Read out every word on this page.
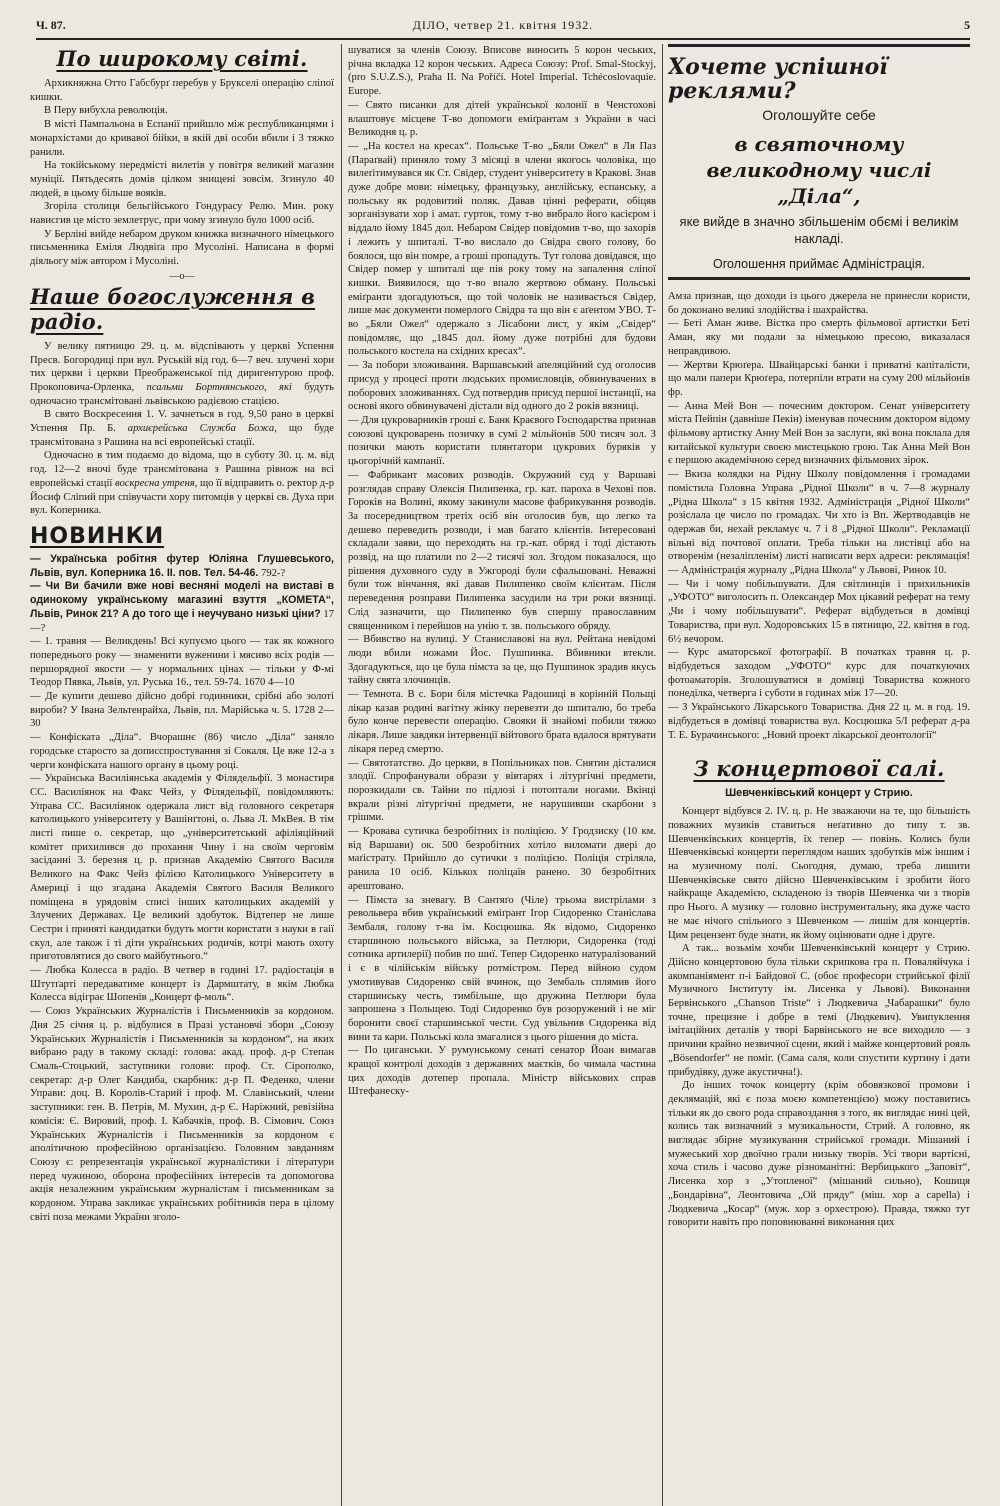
Ч. 87.	ДІЛО, четвер 21. квітня 1932.	5
По широкому світі.

Архикняжна Отто Габсбурґ перебув у Брукселі операцію сліпої кишки.

В Перу вибухла революція.

В місті Пампальона в Еспанії прийшло між республиканцями і монархістами до кривавої бійки, в якій дві особи вбили і 3 тяжко ранили.

На токійському передмісті вилетів у повітря великий магазин муніції. Пятьдесять домів цілком знищені зовсім. Згинуло 40 людей, в цьому більше вояків.

Згоріла столиця бельгійського Гондурасу Релю. Мин. року нависгив це місто землетрус, при чому згинуло було 1000 осіб.

У Берліні вийде небаром друком книжка визначного німецького письменника Еміля Людвіґа про Мусоліні. Написана в формі діяльогу між автором і Мусоліні.

—о—
Наше богослуження в радіо.

У велику пятницю 29. ц. м. відспівають у церкві Успення Пресв. Богородиці при вул. Руській від год. 6—7 веч. злучені хори тих церкви і церкви Преображенської під диригентурою проф. Прокоповича-Орленка, псальми Бортнянського, які будуть одночасно трансмітовані львівською радієвою стацією.

В свято Воскресення 1. V. зачнеться в год. 9,50 рано в церкві Успення Пр. Б. архиєрейська Служба Божа, що буде трансмітована з Рашина на всі европейські стації.

Одночасно в тим подаємо до відома, що в суботу 30. ц. м. від год. 12—2 вночі буде трансмітована з Рашина рівнож на всі европейські стації воскресна утреня, що її відправить о. ректор д-р Йосиф Сліпий при співучасти хору питомців у церкві св. Духа при вул. Коперника.

НОВИНКИ

— Українська робітня футер Юліяна Глушевського, Львів, вул. Коперника 16. II. пов. Тел. 54-46. 792-?

— Чи Ви бачили вже нові весняні моделі на виставі в одинокому українському магазині взуття „КОМЕТА“, Львів, Ринок 21? А до того ще і неучувано низькі ціни? 17—?

— 1. травня — Великдень! Всі купуємо цього — так як кожного попереднього року — знаменити вуженини і мясиво всіх родів — першорядної якости — у нормальних цінах — тільки у Ф-мі Теодор Пявка, Львів, ул. Руська 16., тел. 59-74. 1670 4—10

— Де купити дешево дійсно добрі годинники, срібні або золоті вироби? У Івана Зельтенрайха, Львів, пл. Марійська ч. 5. 1728 2—30

— Конфіската „Діла“. Вчорашнє (86) число „Діла“ заняло городське старосто за дописспростування зі Сокаля. Це вже 12-а з черги конфіската нашого органу в цьому році.

— Українська Василіянська академія у Філядельфії. 3 монастиря СС. Василіянок на Факс Чейз, у Філядельфії, повідомляють: Управа СС. Василіянок одержала лист від головного секретаря католицького університету у Вашінґтоні, о. Льва Л. МкВея. В тім листі пише о. секретар, що „університетський афіліяційний комітет прихилився до прохання Чину і на своїм черговім засіданні 3. березня ц. р. признав Академію Святого Василя Великого на Факс Чейз філією Католицького Університету в Америці і що згадана Академія Святого Василя Великого поміщена в урядовім списі інших католицьких академій у Злучених Державах. Це великий здобуток. Відтепер не лише Сестри і приняті кандидатки будуть могти користати з науки в гаії скул, але також і ті діти українських родичів, котрі мають охоту приготовлятися до свого майбутнього.“

— Любка Колесса в радіо. В четвер в годині 17. радіостація в Штутґарті передаватиме концерт із Дармштату, в якім Любка Колесса відіграє Шопенів „Концерт ф-моль“.

— Союз Українських Журналістів і Письменників за кордоном. Дня 25 січня ц. р. відбулися в Празі установчі збори „Союзу Українських Журналістів і Письменників за кордоном“, на яких вибрано раду в такому складі: голова: акад. проф. д-р Степан Смаль-Стоцький, заступники голови: проф. Ст. Сірополко, секретар: д-р Олег Кандиба, скарбник: д-р П. Феденко, члени Управи: доц. В. Королів-Старий і проф. М. Славінський, члени заступники: ген. В. Петрів, М. Мухин, д-р Є. Наріжний, ревізійна комісія: Є. Вировий, проф. І. Кабачків, проф. В. Сімович. Союз Українських Журналістів і Письменників за кордоном є аполітичною професійною організацією. Головним завданням Союзу є: репрезентація української журналістики і літератури перед чужиною, оборона професійних інтересів та допомогова акція незалежним українським журналістам і письменникам за кордоном. Управа закликає українських робітників пера в цілому світі поза межами України зголо-

шуватися за членів Союзу. Вписове виносить 5 корон чеських, річна вкладка 12 корон чеських. Адреса Союзу: Prof. Smal-Stockyj, (pro S.U.Z.S.), Praha II. Na Poříčí. Hotel Imperial. Tchécoslovaquie. Europe.

— Свято писанки для дітей української колонії в Ченстохові влаштовує місцеве Т-во допомоги еміґрантам з України в часі Великодня ц. р.

— „На костел на кресах“. Польське Т-во „Бяли Ожел“ в Ля Паз (Параґвай) приняло тому 3 місяці в члени якогось чоловіка, що вилеґітимувався як Ст. Свідер, студент університету в Кракові. Знав дуже добре мови: німецьку, французьку, англійську, еспанську, а польську як родовитий поляк. Давав цінні реферати, обіцяв зорганізувати хор і амат. гурток, тому т-во вибрало його касієром і віддало йому 1845 дол. Небаром Свідер повідомив т-во, що захорів і лежить у шпиталі. Т-во вислало до Свідра свого голову, бо боялося, що він помре, а гроші пропадуть. Тут голова довідався, що Свідер помер у шпиталі ще пів року тому на запалення сліпої кишки. Виявилося, що т-во впало жертвою обману. Польські еміґранти здогадуються, що той чоловік не називається Свідер, лише має документи померлого Свідра та що він є аґентом УВО. Т-во „Бяли Ожел“ одержало з Лісабони лист, у якім „Свідер“ повідомляє, що „1845 дол. йому дуже потрібні для будови польського костела на східних кресах“.

— За побори зложивання. Варшавський апеляційний суд оголосив присуд у процесі проти людських промисловців, обвинувачених в поборових зложиваннях. Суд потвердив присуд першої інстанції, на основі якого обвинувачені дістали від одного до 2 років вязниці.

— Для цукроварників гроші є. Банк Краєвого Господарства признав союзові цукроварень позичку в сумі 2 мільйонів 500 тисяч зол. З позички мають користати плянтатори цукрових буряків у цьогорічній кампанії.

— Фабрикант масових розводів. Окружний суд у Варшаві розглядав справу Олексія Пилипенка, гр. кат. пароха в Чехові пов. Гороків на Волині, якому закинули масове фабрикування розводів. За посередництвом третіх осіб він оголосив був, що легко та дешево переведить розводи, і мав багато клієнтів. Інтересовані складали заяви, що переходять на гр.-кат. обряд і тоді дістають розвід, на що платили по 2—2 тисячі зол. Згодом показалося, що рішення духовного суду в Ужгороді були сфальшовані. Неважні були тож вінчання, які давав Пилипенко своїм клієнтам. Після переведення розправи Пилипенка засудили на три роки вязниці. Слід зазначити, що Пилипенко був спершу православним священником і перейшов на унію т. зв. польського обряду.

— Вбивство на вулиці. У Станиславові на вул. Рейтана невідомі люди вбили ножами Йос. Пушпинка. Вбивники втекли. Здогадуються, що це була пімста за це, що Пушпинок зрадив якусь тайну свята злочинців.

— Темнота. В с. Бори біля містечка Радошиці в корінній Польщі лікар казав родині вагітну жінку перевезти до шпиталю, бо треба було конче перевести операцію. Свояки й знайомі побили тяжко лікаря. Лише завдяки інтервенції війтового брата вдалося врятувати лікаря перед смертю.

— Святотатство. До церкви, в Попільниках пов. Снятин дісталися злодії. Спрофанували образи у вівтарях і літургічні предмети, порозкидали св. Тайни по підлозі і потоптали ногами. Вкінці вкрали різні літургічні предмети, не нарушивши скарбони з грішми.

— Кровава сутичка безробітних із поліцією. У Гродзиску (10 км. від Варшави) ок. 500 безробітних хотіло виломати двері до маґістрату. Прийшло до сутички з поліцією. Поліція стріляла, ранила 10 осіб. Кількох поліцаїв ранено. 30 безробітних арештовано.

— Пімста за зневагу. В Сантяґо (Чіле) трьома вистрілами з револьвера вбив український еміґрант Ігор Сидоренко Станіслава Зембаля, голову т-ва ім. Косцюшка. Як відомо, Сидоренко старшиною польського війська, за Петлюри, Сидоренка (тоді сотника артилерії) побив по шиї. Тепер Сидоренко натуралізований і є в чілійськім війську ротмістром. Перед війною судом умотивував Сидоренко свій вчинок, що Зембаль сплямив його старшинську честь, тимбільше, що дружина Петлюри була запрошена з Польщею. Тоді Сидоренко був розоружений і не міг боронити своєї старшинської чести. Суд увільнив Сидоренка від вини та кари. Польські кола змагалися з цього рішення до міста.

— По циганськи. У румунському сенаті сенатор Йоан вимагав кращої контролі доходів з державних маєтків, бо чимала частина цих доходів дотепер пропала. Міністр військових справ Штефанеску-

Хочете успішної реклями?
Оголошуйте себе
в святочному великодному числі „Діла“,
яке вийде в значно збільшенім обємі і великім накладі.
Оголошення приймає Адміністрація.

Амза признав, що доходи із цього джерела не принесли користи, бо доконано великі злодійства і шахрайства.

— Беті Аман живе. Вістка про смерть фільмової артистки Беті Аман, яку ми подали за німецькою пресою, виказалася неправдивою.

— Жертви Крюґера. Швайцарські банки і приватні капіталісти, що мали папери Крюґера, потерпіли втрати на суму 200 мільйонів фр.

— Анна Мей Вон — почесним доктором. Сенат університету міста Пейпін (давніше Пекін) іменував почесним доктором відому фільмову артистку Анну Мей Вон за заслуги, які вона поклала для китайської культури своєю мистецькою грою. Так Анна Мей Вон є першою академічною серед визначних фільмових зірок.

— Вкиза колядки на Рідну Школу повідомлення і громадами помістила Головна Управа „Рідної Школи“ в ч. 7—8 журналу „Рідна Школа“ з 15 квітня 1932. Адміністрація „Рідної Школи“ розіслала це число по громадах. Чи хто із Вп. Жертводавців не одержав би, нехай рекламує ч. 7 і 8 „Рідної Школи“. Рекламації вільні від почтової оплати. Треба тільки на листівці або на отворенім (незаліпленім) листі написати верх адреси: реклямація! — Адміністрація журналу „Рідна Школа“ у Львові, Ринок 10.

— Чи і чому побільшувати. Для світлинців і прихильників „УФОТО“ виголосить п. Олександер Мох цікавий реферат на тему „Чи і чому побільшувати“. Реферат відбудеться в домівці Товариства, при вул. Ходоровських 15 в пятницю, 22. квітня в год. 6½ вечором.

— Курс аматорської фотографії. В початках травня ц. р. відбудеться заходом „УФОТО“ курс для початкуючих фотоаматорів. Зголошуватися в домівці Товариства кожного понеділка, четверга і суботи в годинах між 17—20.

— З Українського Лікарського Товариства. Дня 22 ц. м. в год. 19. відбудеться в домівці товариства вул. Косцюшка 5/І реферат д-ра Т. Е. Бурачинського: „Новий проект лікарської деонтології“

З концертової салі.
Шевченківський концерт у Стрию.

Концерт відбувся 2. IV. ц. р. Не зважаючи на те, що більшість поважних музиків ставиться неґативно до типу т. зв. Шевченківських концертів, їх тепер — повінь. Колись були Шевченківські концерти переглядом наших здобутків між іншим і на музичному полі. Сьогодня, думаю, треба лишити Шевченківське свято дійсно Шевченківським і зробити його найкраще Академією, складеною із творів Шевченка чи з творів про Нього. А музику — головно інструментальну, яка дуже часто не має нічого спільного з Шевченком — лишім для концертів. Цим рецензент буде знати, як йому оцінювати одне і друге.

А так... возьмім хочби Шевченківський концерт у Стрию. Дійсно концертовою була тільки скрипкова гра п. Поваляйчука і акомпаніямент п-і Байдової С. (обоє професори стрийської філії Музичного Інституту ім. Лисенка у Львові). Виконання Бервінського „Chanson Triste“ і Людкевича „Чабарашки“ було точне, прецизне і добре в темі (Людкевич). Увипуклення імітаційних деталів у творі Барвінського не все виходило — з причини крайно незвичної сцени, який і майже концертовий рояль „Bösendorfer“ не поміг. (Сама саля, коли спустити куртину і дати прибудівку, дуже акустична!).

До інших точок концерту (крім обовязкової промови і деклямацій, які є поза моєю компетенцією) можу поставитись тільки як до свого рода справоздання з того, як виглядає нині цей, колись так визначний з музикальности, Стрий. А головно, як виглядає збірне музикування стрийської громади. Мішаний і мужеський хор двоїчно грали низьку творів. Усі твори вартісні, хоча стиль і часово дуже різноманітні: Вербицького „Заповіт“, Лисенка хор з „Утопленої“ (мішаний сильно), Кошиця „Бондарівна“, Леонтовича „Ой пряду“ (міш. хор а capella) і Людкевича „Косар“ (муж. хор з орхестрою). Правда, тяжко тут говорити навіть про поповнюванні виконання цих
